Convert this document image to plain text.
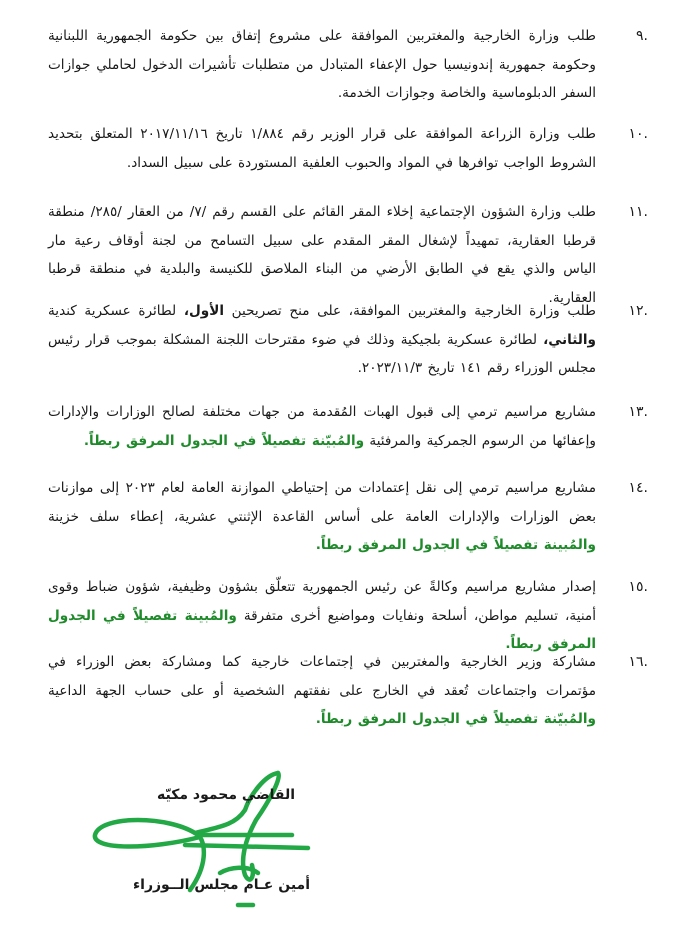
.٩
طلب وزارة الخارجية والمغتربين الموافقة على مشروع إتفاق بين حكومة الجمهورية اللبنانية وحكومة جمهورية إندونيسيا حول الإعفاء المتبادل من متطلبات تأشيرات الدخول لحاملي جوازات السفر الدبلوماسية والخاصة وجوازات الخدمة.
.١٠
طلب وزارة الزراعة الموافقة على قرار الوزير رقم ١/٨٨٤ تاريخ ٢٠١٧/١١/١٦ المتعلق بتحديد الشروط الواجب توافرها في المواد والحبوب العلفية المستوردة على سبيل السداد.
.١١
طلب وزارة الشؤون الإجتماعية إخلاء المقر القائم على القسم رقم /٧/ من العقار /٢٨٥/ منطقة قرطبا العقارية، تمهيداً لإشغال المقر المقدم على سبيل التسامح من لجنة أوقاف رعية مار الياس والذي يقع في الطابق الأرضي من البناء الملاصق للكنيسة والبلدية في منطقة قرطبا العقارية.
.١٢
طلب وزارة الخارجية والمغتربين الموافقة، على منح تصريحين الأول، لطائرة عسكرية كندية والثاني، لطائرة عسكرية بلجيكية وذلك في ضوء مقترحات اللجنة المشكلة بموجب قرار رئيس مجلس الوزراء رقم ١٤١ تاريخ ٢٠٢٣/١١/٣.
.١٣
مشاريع مراسيم ترمي إلى قبول الهبات المُقدمة من جهات مختلفة لصالح الوزارات والإدارات وإعفائها من الرسوم الجمركية والمرفئية والمُبيّنة تفصيلاً في الجدول المرفق ربطاً.
.١٤
مشاريع مراسيم ترمي إلى نقل إعتمادات من إحتياطي الموازنة العامة لعام ٢٠٢٣ إلى موازنات بعض الوزارات والإدارات العامة على أساس القاعدة الإثنتي عشرية، إعطاء سلف خزينة والمُبينة تفصيلاً في الجدول المرفق ربطاً.
.١٥
إصدار مشاريع مراسيم وكالةً عن رئيس الجمهورية تتعلّق بشؤون وظيفية، شؤون ضباط وقوى أمنية، تسليم مواطن، أسلحة ونفايات ومواضيع أخرى متفرقة والمُبينة تفصيلاً في الجدول المرفق ربطاً.
.١٦
مشاركة وزير الخارجية والمغتربين في إجتماعات خارجية كما ومشاركة بعض الوزراء في مؤتمرات واجتماعات تُعقد في الخارج على نفقتهم الشخصية أو على حساب الجهة الداعية والمُبيّنة تفصيلاً في الجدول المرفق ربطاً.
القاضي محمود مكيّه
أمين عـام مجلس الــوزراء
